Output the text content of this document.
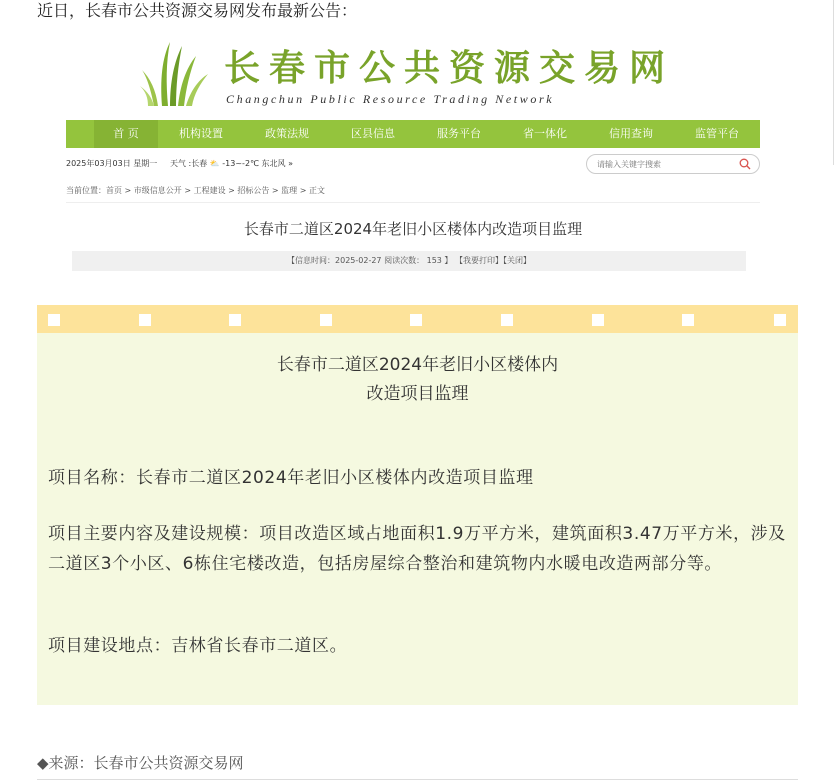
近日，长春市公共资源交易网发布最新公告：
长春市公共资源交易网
Changchun Public Resource Trading Network
首 页	机构设置	政策法规	区县信息	服务平台	省一体化	信用查询	监管平台
2025年03月03日 星期一 天气 :长春 ⛅ -13~-2℃ 东北风 »
请输入关键字搜索
当前位置：首页 > 市级信息公开 > 工程建设 > 招标公告 > 监理 > 正文
长春市二道区2024年老旧小区楼体内改造项目监理
【信息时间：2025-02-27 阅读次数： 153 】 【我要打印】【关闭】
长春市二道区2024年老旧小区楼体内
改造项目监理
项目名称：长春市二道区2024年老旧小区楼体内改造项目监理
项目主要内容及建设规模：项目改造区域占地面积1.9万平方米，建筑面积3.47万平方米，涉及二道区3个小区、6栋住宅楼改造，包括房屋综合整治和建筑物内水暖电改造两部分等。
项目建设地点：吉林省长春市二道区。
◆来源：长春市公共资源交易网
